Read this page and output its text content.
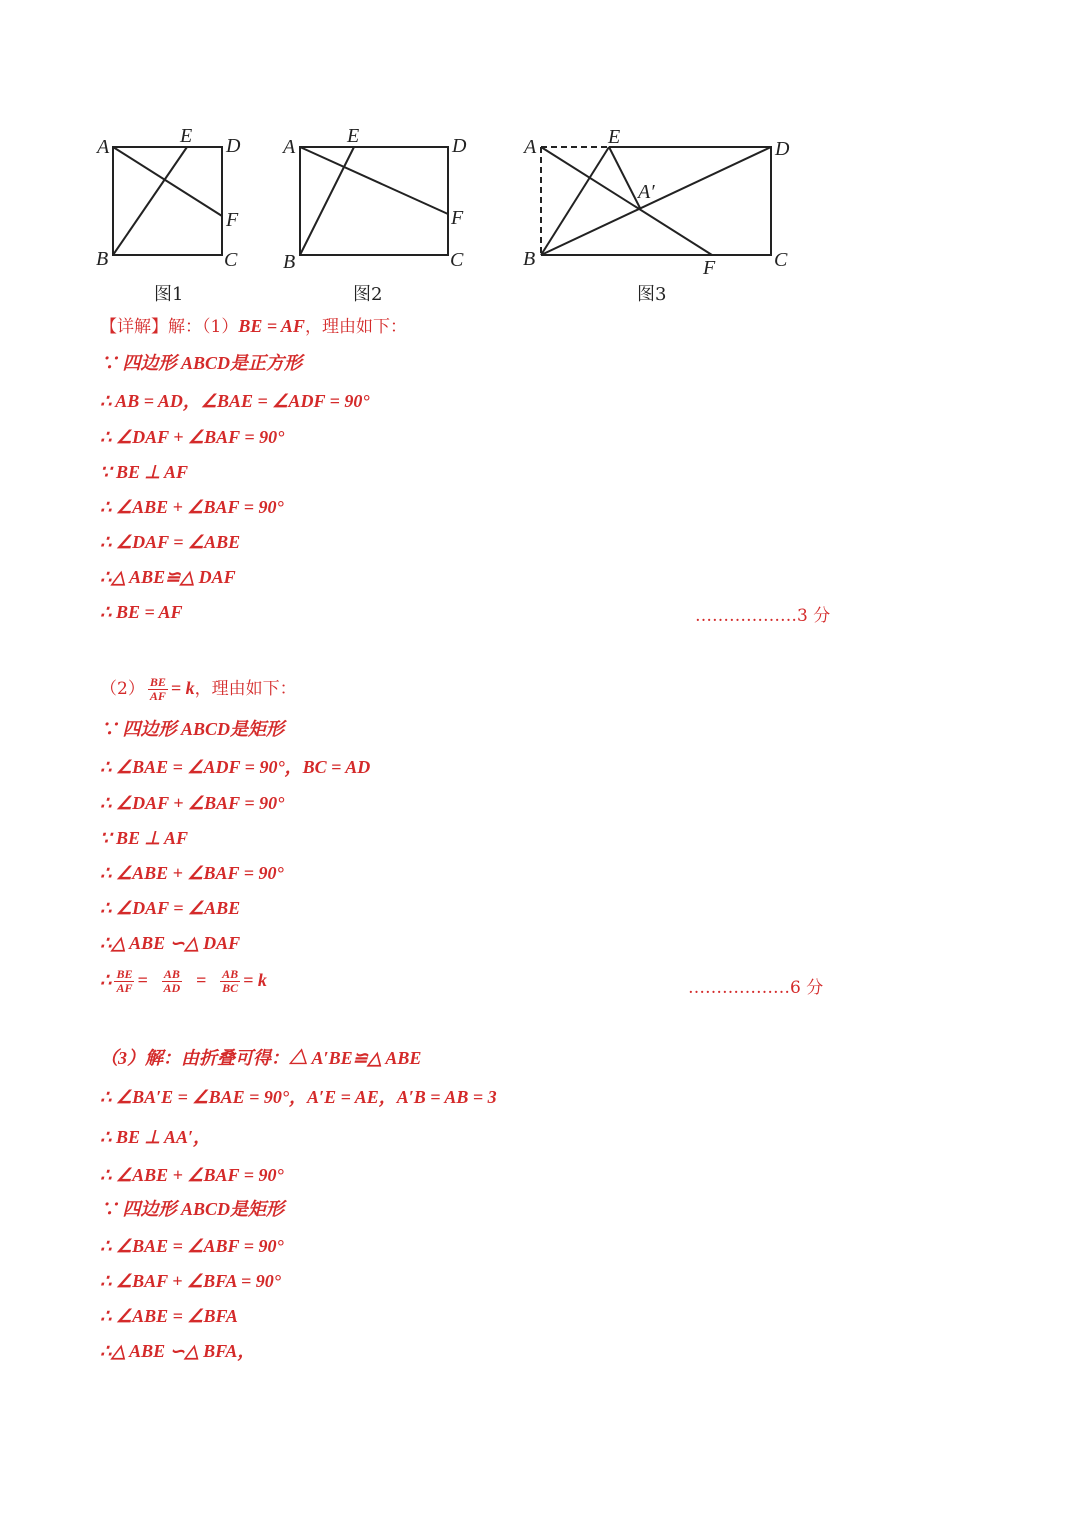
A	E D
F
B	C
A	E	D
F
B	C
A	E
D
A′
B	F	C
图1	图2	图3
【详解】解：（1）BE = AF，理由如下：
∵ 四边形 ABCD是正方形
∴ AB = AD，∠BAE = ∠ADF = 90°
∴ ∠DAF + ∠BAF = 90°
∵ BE ⊥ AF
∴ ∠ABE + ∠BAF = 90°
∴ ∠DAF = ∠ABE
∴△ ABE≌△ DAF
∴ BE = AF	………………3 分
$(2) \frac{BE}{AF} = k$，理由如下：
∵ 四边形 ABCD是矩形
∴ ∠BAE = ∠ADF = 90°，BC = AD
∴ ∠DAF + ∠BAF = 90°
∵ BE ⊥ AF
∴ ∠ABE + ∠BAF = 90°
∴ ∠DAF = ∠ABE
∴△ ABE ∽△ DAF
∴ $\frac{BE}{AF} = \frac{AB}{AD} = \frac{AB}{BC} = k$	………………6 分
（3）解：由折叠可得：△ A′BE≌△ ABE
∴ ∠BA′E = ∠BAE = 90°，A′E = AE，A′B = AB = 3
∴ BE ⊥ AA′，
∴ ∠ABE + ∠BAF = 90°
∵ 四边形 ABCD是矩形
∴ ∠BAE = ∠ABF = 90°
∴ ∠BAF + ∠BFA = 90°
∴ ∠ABE = ∠BFA
∴△ ABE ∽△ BFA，
